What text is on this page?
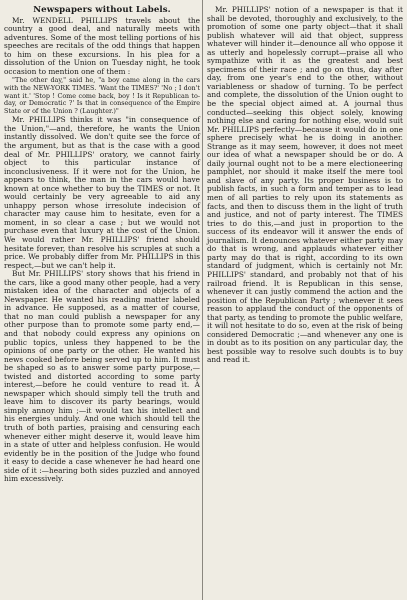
Newspapers without Labels.

Mr. WENDELL PHILLIPS travels about the country a good deal, and naturally meets with adventures. Some of the most telling portions of his speeches are recitals of the odd things that happen to him on these excursions. In his plea for a dissolution of the Union on Tuesday night, he took occasion to mention one of them :

"The other day," said he, "a boy came along in the cars with the NEW-YORK TIMES. 'Want the TIMES?' 'No ; I don't want it.' 'Stop ! Come come back, boy ! Is it Republican to-day, or Democratic ?' Is that in consequence of the Empire State or of the Union ? (Laughter.)"

Mr. PHILLIPS thinks it was "in consequence of the Union,"—and, therefore, he wants the Union instantly dissolved. We don't quite see the force of the argument, but as that is the case with a good deal of Mr. PHILLIPS' oratory, we cannot fairly object to this particular instance of inconclusiveness. If it were not for the Union, he appears to think, the man in the cars would have known at once whether to buy the TIMES or not. It would certainly be very agreeable to aid any unhappy person whose irresolute indecision of character may cause him to hesitate, even for a moment, in so clear a case ; but we would not purchase even that luxury at the cost of the Union. We would rather Mr. PHILLIPS' friend should hesitate forever, than resolve his scruples at such a price. We probably differ from Mr. PHILLIPS in this respect,—but we can't help it.

But Mr. PHILLIPS' story shows that his friend in the cars, like a good many other people, had a very mistaken idea of the character and objects of a Newspaper. He wanted his reading matter labeled in advance. He supposed, as a matter of course, that no man could publish a newspaper for any other purpose than to promote some party end,—and that nobody could express any opinions on public topics, unless they happened to be the opinions of one party or the other. He wanted his news cooked before being served up to him. It must be shaped so as to answer some party purpose,—twisted and distorted according to some party interest,—before he could venture to read it. A newspaper which should simply tell the truth and leave him to discover its party bearings, would simply annoy him ;—it would tax his intellect and his energies unduly. And one which should tell the truth of both parties, praising and censuring each whenever either might deserve it, would leave him in a state of utter and helpless confusion. He would evidently be in the position of the Judge who found it easy to decide a case whenever he had heard one side of it :—hearing both sides puzzled and annoyed him excessively.

Mr. PHILLIPS' notion of a newspaper is that it shall be devoted, thoroughly and exclusively, to the promotion of some one party object—that it shall publish whatever will aid that object, suppress whatever will hinder it—denounce all who oppose it as utterly and hopelessly corrupt—praise all who sympathize with it as the greatest and best specimens of their race ; and go on thus, day after day, from one year's end to the other, without variableness or shadow of turning. To be perfect and complete, the dissolution of the Union ought to be the special object aimed at. A journal thus conducted—seeking this object solely, knowing nothing else and caring for nothing else, would suit Mr. PHILLIPS perfectly—because it would do in one sphere precisely what he is doing in another. Strange as it may seem, however, it does not meet our idea of what a newspaper should be or do. A daily journal ought not to be a mere electioneering pamphlet, nor should it make itself the mere tool and slave of any party. Its proper business is to publish facts, in such a form and temper as to lead men of all parties to rely upon its statements as facts, and then to discuss them in the light of truth and justice, and not of party interest. The TIMES tries to do this,—and just in proportion to the success of its endeavor will it answer the ends of journalism. It denounces whatever either party may do that is wrong, and applauds whatever either party may do that is right, according to its own standard of judgment, which is certainly not Mr. PHILLIPS' standard, and probably not that of his railroad friend. It is Republican in this sense, whenever it can justly commend the action and the position of the Republican Party ; whenever it sees reason to applaud the conduct of the opponents of that party, as tending to promote the public welfare, it will not hesitate to do so, even at the risk of being considered Democratic ;—and whenever any one is in doubt as to its position on any particular day, the best possible way to resolve such doubts is to buy and read it.
